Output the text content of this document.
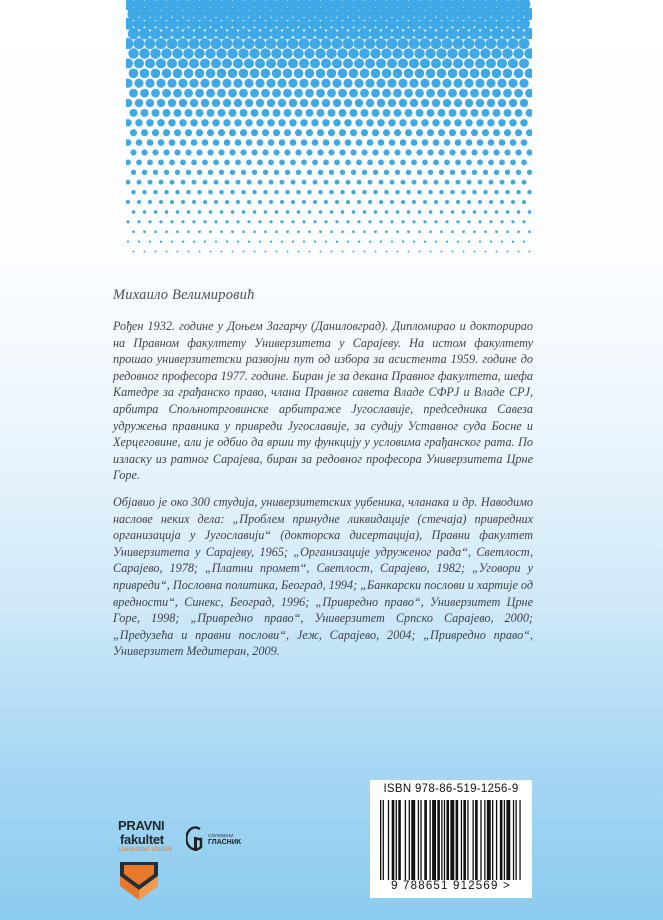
Михаило Велимировић

Рођен 1932. године у Доњем Загарчу (Даниловград). Дипломирао и докторирао на Правном факултету Универзитета у Сарајеву. На истом факултету прошао универзитетски развојни пут од избора за асистента 1959. године до редовног професора 1977. године. Биран је за декана Правног факултета, шефа Катедре за грађанско право, члана Правног савета Владе СФРЈ и Владе СРЈ, арбитра Спољнотрговинске арбитраже Југославије, председника Савеза удружења правника у привреди Југославије, за судију Уставног суда Босне и Херцеговине, али је одбио да врши ту функцију у условима грађанског рата. По изласку из ратног Сарајева, биран за редовног професора Универзитета Црне Горе.

Објавио је око 300 студија, универзитетских уџбеника, чланака и др. Наводимо наслове неких дела: „Проблем принудне ликвидације (стечаја) привредних организација у Југославији“ (докторска дисертација), Правни факултет Универзитета у Сарајеву, 1965; „Организације удружeног рада“, Светлост, Сарајево, 1978; „Платни промет“, Светлост, Сарајево, 1982; „Уговори у привреди“, Пословна политика, Београд, 1994; „Банкарски послови и хартије од вредности“, Синекс, Београд, 1996; „Привредно право“, Универзитет Црне Горе, 1998; „Привредно право“, Универзитет Српско Сарајево, 2000; „Предузећа и правни послови“, Јеж, Сарајево, 2004; „Привредно право“, Универзитет Медитеран, 2009.

PRAVNI
fakultet
Univerzitet UNION
СЛУЖБЕНИ
ГЛАСНИК
ISBN 978-86-519-1256-9
9 788651 912569 >
